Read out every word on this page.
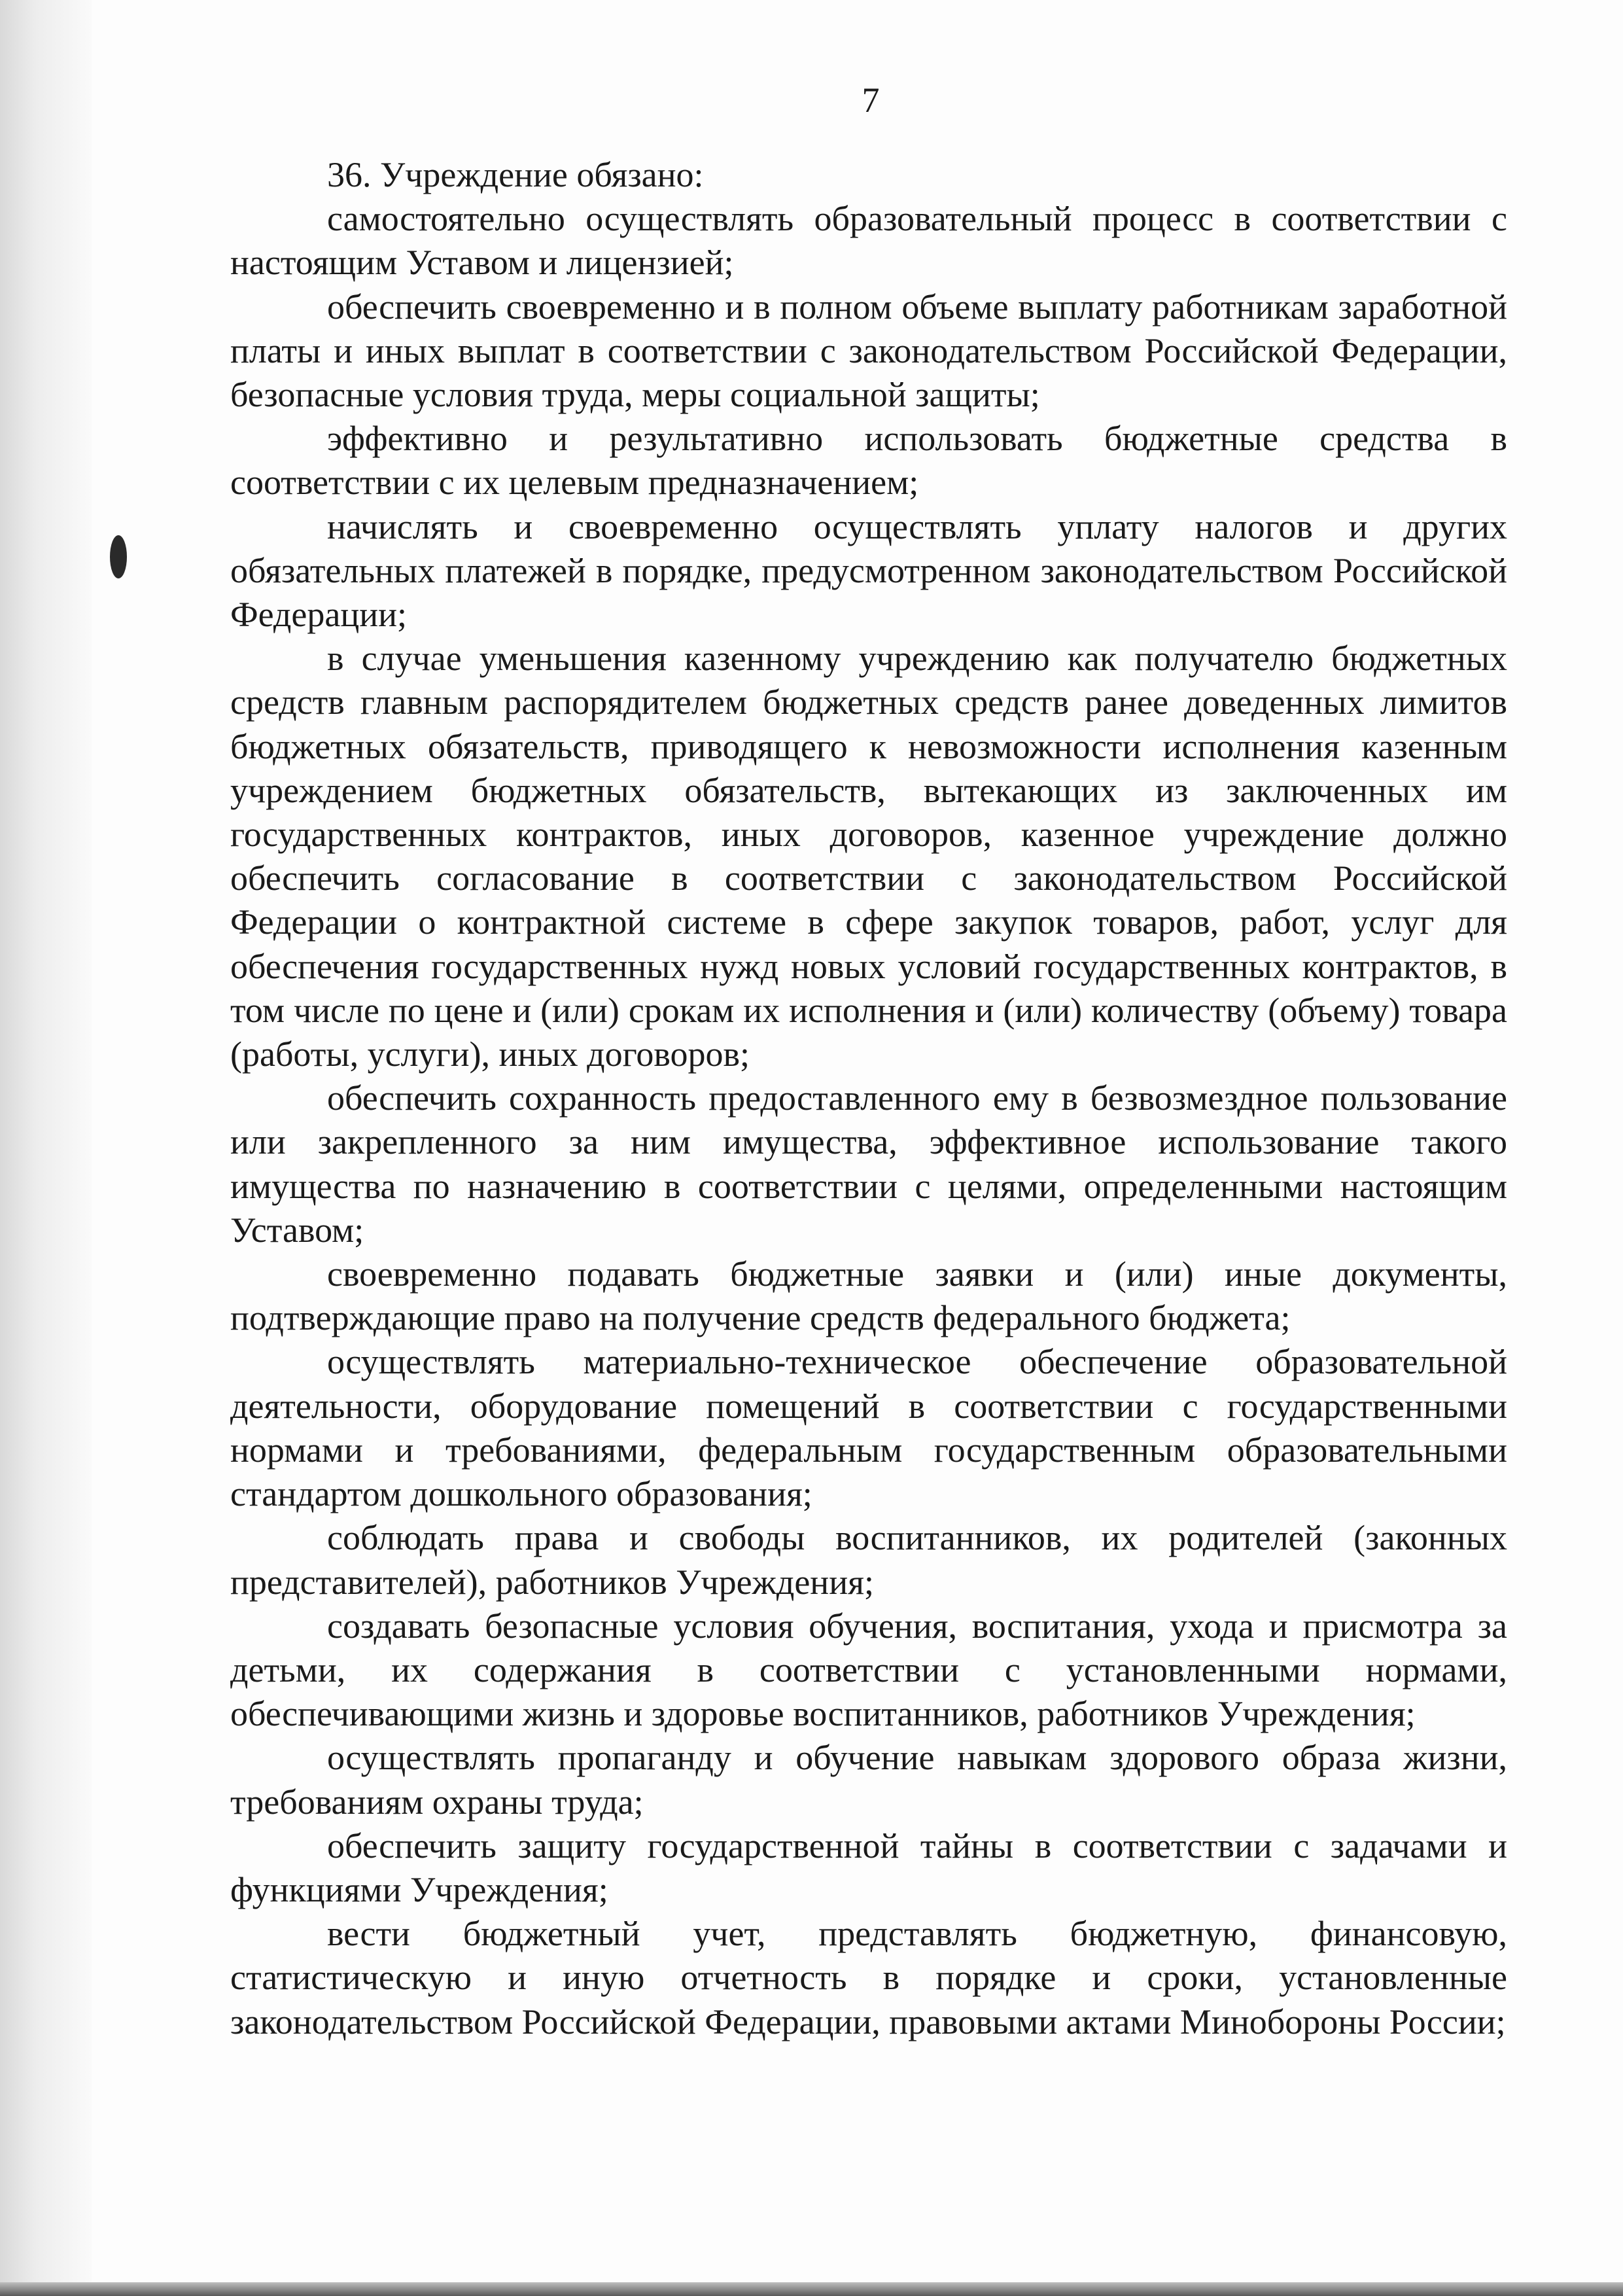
7

36. Учреждение обязано:

самостоятельно осуществлять образовательный процесс в соответствии с настоящим Уставом и лицензией;

обеспечить своевременно и в полном объеме выплату работникам заработной платы и иных выплат в соответствии с законодательством Российской Федерации, безопасные условия труда, меры социальной защиты;

эффективно и результативно использовать бюджетные средства в соответствии с их целевым предназначением;

начислять и своевременно осуществлять уплату налогов и других обязательных платежей в порядке, предусмотренном законодательством Российской Федерации;

в случае уменьшения казенному учреждению как получателю бюджетных средств главным распорядителем бюджетных средств ранее доведенных лимитов бюджетных обязательств, приводящего к невозможности исполнения казенным учреждением бюджетных обязательств, вытекающих из заключенных им государственных контрактов, иных договоров, казенное учреждение должно обеспечить согласование в соответствии с законодательством Российской Федерации о контрактной системе в сфере закупок товаров, работ, услуг для обеспечения государственных нужд новых условий государственных контрактов, в том числе по цене и (или) срокам их исполнения и (или) количеству (объему) товара (работы, услуги), иных договоров;

обеспечить сохранность предоставленного ему в безвозмездное пользование или закрепленного за ним имущества, эффективное использование такого имущества по назначению в соответствии с целями, определенными настоящим Уставом;

своевременно подавать бюджетные заявки и (или) иные документы, подтверждающие право на получение средств федерального бюджета;

осуществлять материально-техническое обеспечение образовательной деятельности, оборудование помещений в соответствии с государственными нормами и требованиями, федеральным государственным образовательными стандартом дошкольного образования;

соблюдать права и свободы воспитанников, их родителей (законных представителей), работников Учреждения;

создавать безопасные условия обучения, воспитания, ухода и присмотра за детьми, их содержания в соответствии с установленными нормами, обеспечивающими жизнь и здоровье воспитанников, работников Учреждения;

осуществлять пропаганду и обучение навыкам здорового образа жизни, требованиям охраны труда;

обеспечить защиту государственной тайны в соответствии с задачами и функциями Учреждения;

вести бюджетный учет, представлять бюджетную, финансовую, статистическую и иную отчетность в порядке и сроки, установленные законодательством Российской Федерации, правовыми актами Минобороны России;
